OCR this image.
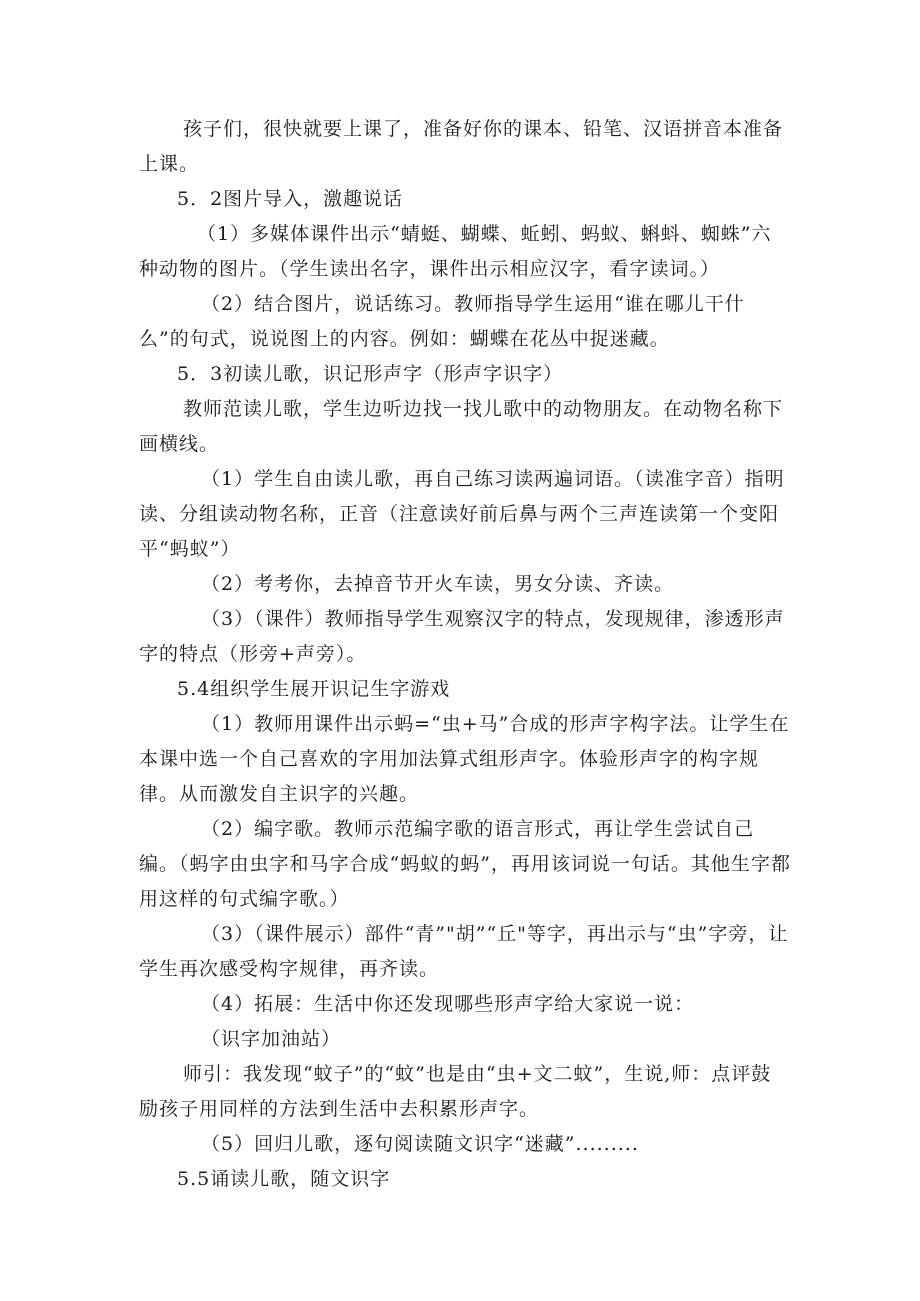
孩子们，很快就要上课了，准备好你的课本、铅笔、汉语拼音本准备上课。

5．2图片导入，激趣说话

（1）多媒体课件出示“蜻蜓、蝴蝶、蚯蚓、蚂蚁、蝌蚪、蜘蛛”六种动物的图片。（学生读出名字，课件出示相应汉字，看字读词。）

（2）结合图片，说话练习。教师指导学生运用“谁在哪儿干什么”的句式，说说图上的内容。例如：蝴蝶在花丛中捉迷藏。

5．3初读儿歌，识记形声字（形声字识字）

教师范读儿歌，学生边听边找一找儿歌中的动物朋友。在动物名称下画横线。

（1）学生自由读儿歌，再自己练习读两遍词语。（读准字音）指明读、分组读动物名称，正音（注意读好前后鼻与两个三声连读第一个变阳平“蚂蚁”）

（2）考考你，去掉音节开火车读，男女分读、齐读。

（3）（课件）教师指导学生观察汉字的特点，发现规律，渗透形声字的特点（形旁+声旁）。

5.4组织学生展开识记生字游戏

（1）教师用课件出示蚂=“虫+马”合成的形声字构字法。让学生在本课中选一个自己喜欢的字用加法算式组形声字。体验形声字的构字规律。从而激发自主识字的兴趣。

（2）编字歌。教师示范编字歌的语言形式，再让学生尝试自己编。（蚂字由虫字和马字合成“蚂蚁的蚂”，再用该词说一句话。其他生字都用这样的句式编字歌。）

（3）（课件展示）部件“青”"胡”“丘"等字，再出示与“虫”字旁，让学生再次感受构字规律，再齐读。

（4）拓展：生活中你还发现哪些形声字给大家说一说：

（识字加油站）

师引：我发现“蚊子”的“蚊”也是由“虫+文二蚊”，生说,师：点评鼓励孩子用同样的方法到生活中去积累形声字。

（5）回归儿歌，逐句阅读随文识字“迷藏”.........

5.5诵读儿歌，随文识字
